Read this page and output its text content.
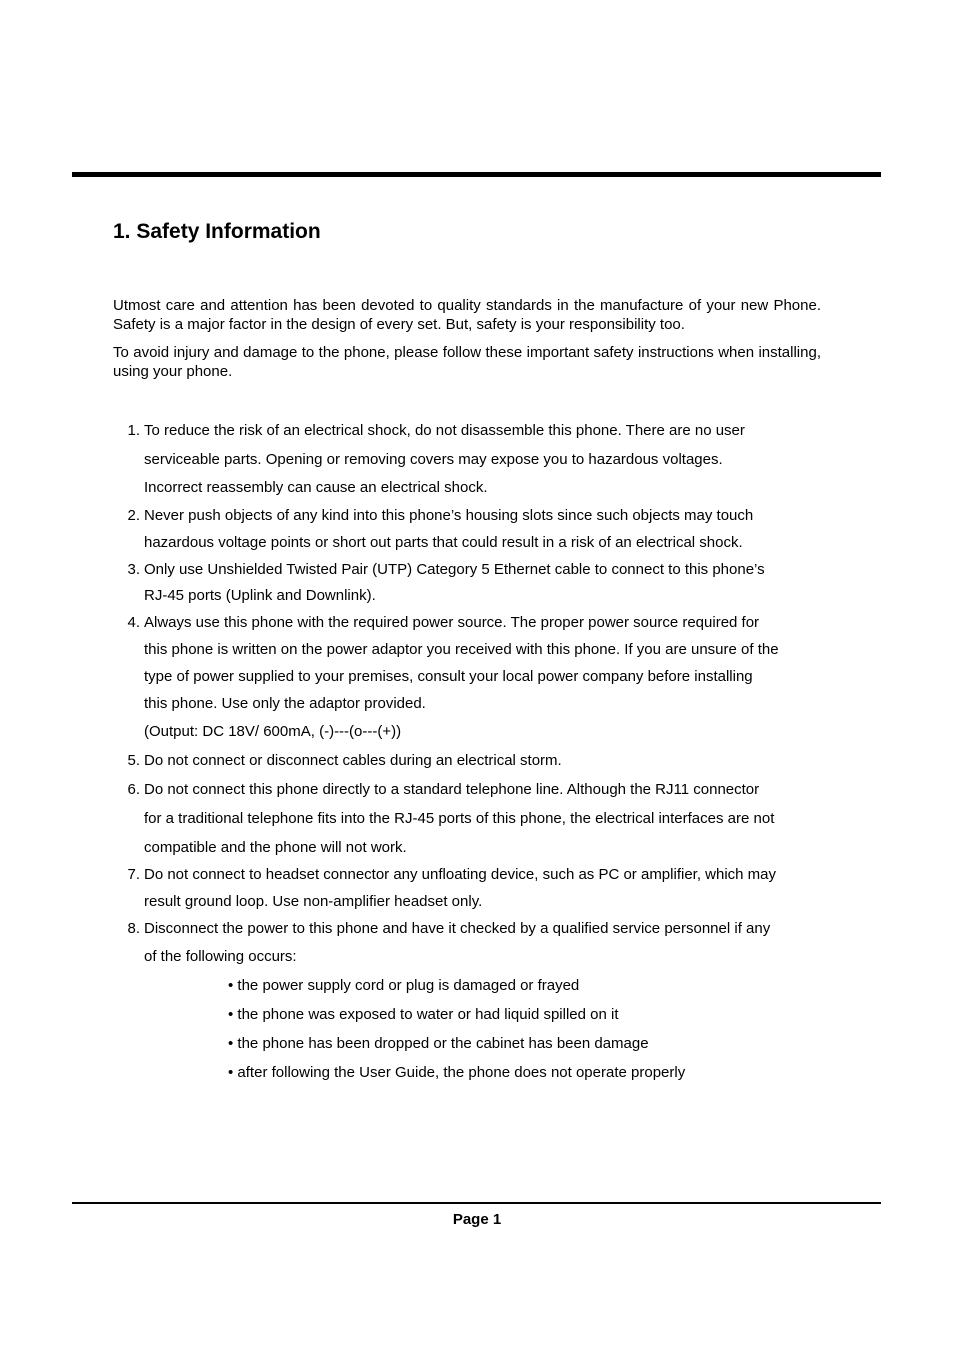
1. Safety Information

Utmost care and attention has been devoted to quality standards in the manufacture of your new Phone. Safety is a major factor in the design of every set. But, safety is your responsibility too.

To avoid injury and damage to the phone, please follow these important safety instructions when installing, using your phone.

1. To reduce the risk of an electrical shock, do not disassemble this phone. There are no user
serviceable parts. Opening or removing covers may expose you to hazardous voltages.
Incorrect reassembly can cause an electrical shock.
2. Never push objects of any kind into this phone’s housing slots since such objects may touch
hazardous voltage points or short out parts that could result in a risk of an electrical shock.
3. Only use Unshielded Twisted Pair (UTP) Category 5 Ethernet cable to connect to this phone’s
RJ-45 ports (Uplink and Downlink).
4. Always use this phone with the required power source. The proper power source required for
this phone is written on the power adaptor you received with this phone. If you are unsure of the
type of power supplied to your premises, consult your local power company before installing
this phone. Use only the adaptor provided.
(Output: DC 18V/ 600mA, (-)---(o---(+))
5. Do not connect or disconnect cables during an electrical storm.
6. Do not connect this phone directly to a standard telephone line. Although the RJ11 connector
for a traditional telephone fits into the RJ-45 ports of this phone, the electrical interfaces are not
compatible and the phone will not work.
7. Do not connect to headset connector any unfloating device, such as PC or amplifier, which may
result ground loop. Use non-amplifier headset only.
8. Disconnect the power to this phone and have it checked by a qualified service personnel if any
of the following occurs:
• the power supply cord or plug is damaged or frayed
• the phone was exposed to water or had liquid spilled on it
• the phone has been dropped or the cabinet has been damage
• after following the User Guide, the phone does not operate properly
Page 1
